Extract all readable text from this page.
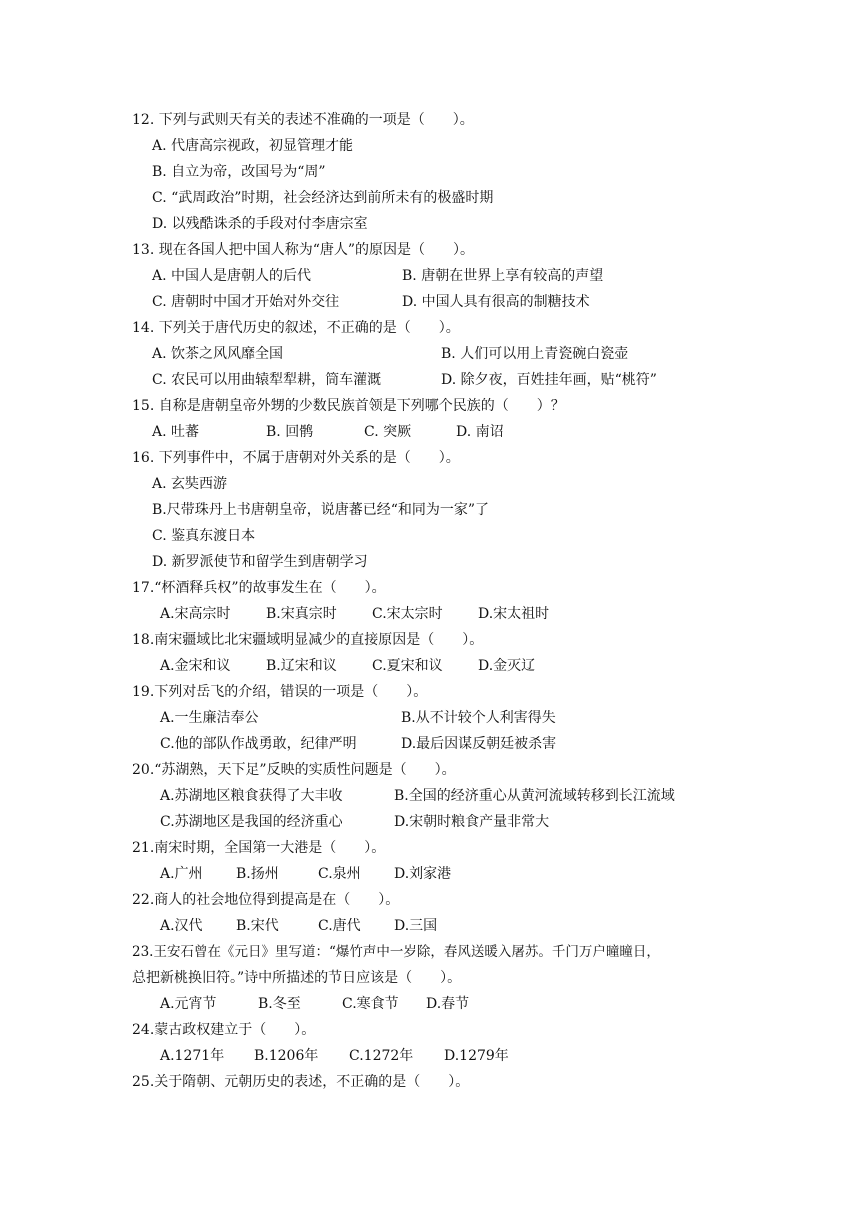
12. 下列与武则天有关的表述不准确的一项是（　　）。
A. 代唐高宗视政，初显管理才能
B. 自立为帝，改国号为“周”
C. “武周政治”时期，社会经济达到前所未有的极盛时期
D. 以残酷诛杀的手段对付李唐宗室
13. 现在各国人把中国人称为“唐人”的原因是（　　）。
A. 中国人是唐朝人的后代	B. 唐朝在世界上享有较高的声望
C. 唐朝时中国才开始对外交往	D. 中国人具有很高的制糖技术
14. 下列关于唐代历史的叙述，不正确的是（　　）。
A. 饮茶之风风靡全国	B. 人们可以用上青瓷碗白瓷壶
C. 农民可以用曲辕犁犁耕，筒车灌溉	D. 除夕夜，百姓挂年画，贴“桃符”
15. 自称是唐朝皇帝外甥的少数民族首领是下列哪个民族的（　　）？
A. 吐蕃	B. 回鹘	C. 突厥	D. 南诏
16. 下列事件中，不属于唐朝对外关系的是（　　）。
A. 玄奘西游
B.尺带珠丹上书唐朝皇帝，说唐蕃已经“和同为一家”了
C. 鉴真东渡日本
D. 新罗派使节和留学生到唐朝学习
17.“杯酒释兵权”的故事发生在（　　）。
A.宋高宗时	B.宋真宗时	C.宋太宗时	D.宋太祖时
18.南宋疆域比北宋疆域明显减少的直接原因是（　　）。
A.金宋和议	B.辽宋和议	C.夏宋和议	D.金灭辽
19.下列对岳飞的介绍，错误的一项是（　　）。
A.一生廉洁奉公	B.从不计较个人利害得失
C.他的部队作战勇敢，纪律严明	D.最后因谋反朝廷被杀害
20.“苏湖熟，天下足”反映的实质性问题是（　　）。
A.苏湖地区粮食获得了大丰收	B.全国的经济重心从黄河流域转移到长江流域
C.苏湖地区是我国的经济重心	D.宋朝时粮食产量非常大
21.南宋时期，全国第一大港是（　　）。
A.广州 B.扬州	C.泉州 D.刘家港
22.商人的社会地位得到提高是在（　　）。
A.汉代 B.宋代	C.唐代 D.三国
23.王安石曾在《元日》里写道：“爆竹声中一岁除，春风送暖入屠苏。千门万户曈曈日，
总把新桃换旧符。”诗中所描述的节日应该是（　　）。
A.元宵节	B.冬至	C.寒食节 D.春节
24.蒙古政权建立于（　　）。
A.1271年 B.1206年 C.1272年 D.1279年
25.关于隋朝、元朝历史的表述，不正确的是（　　）。
